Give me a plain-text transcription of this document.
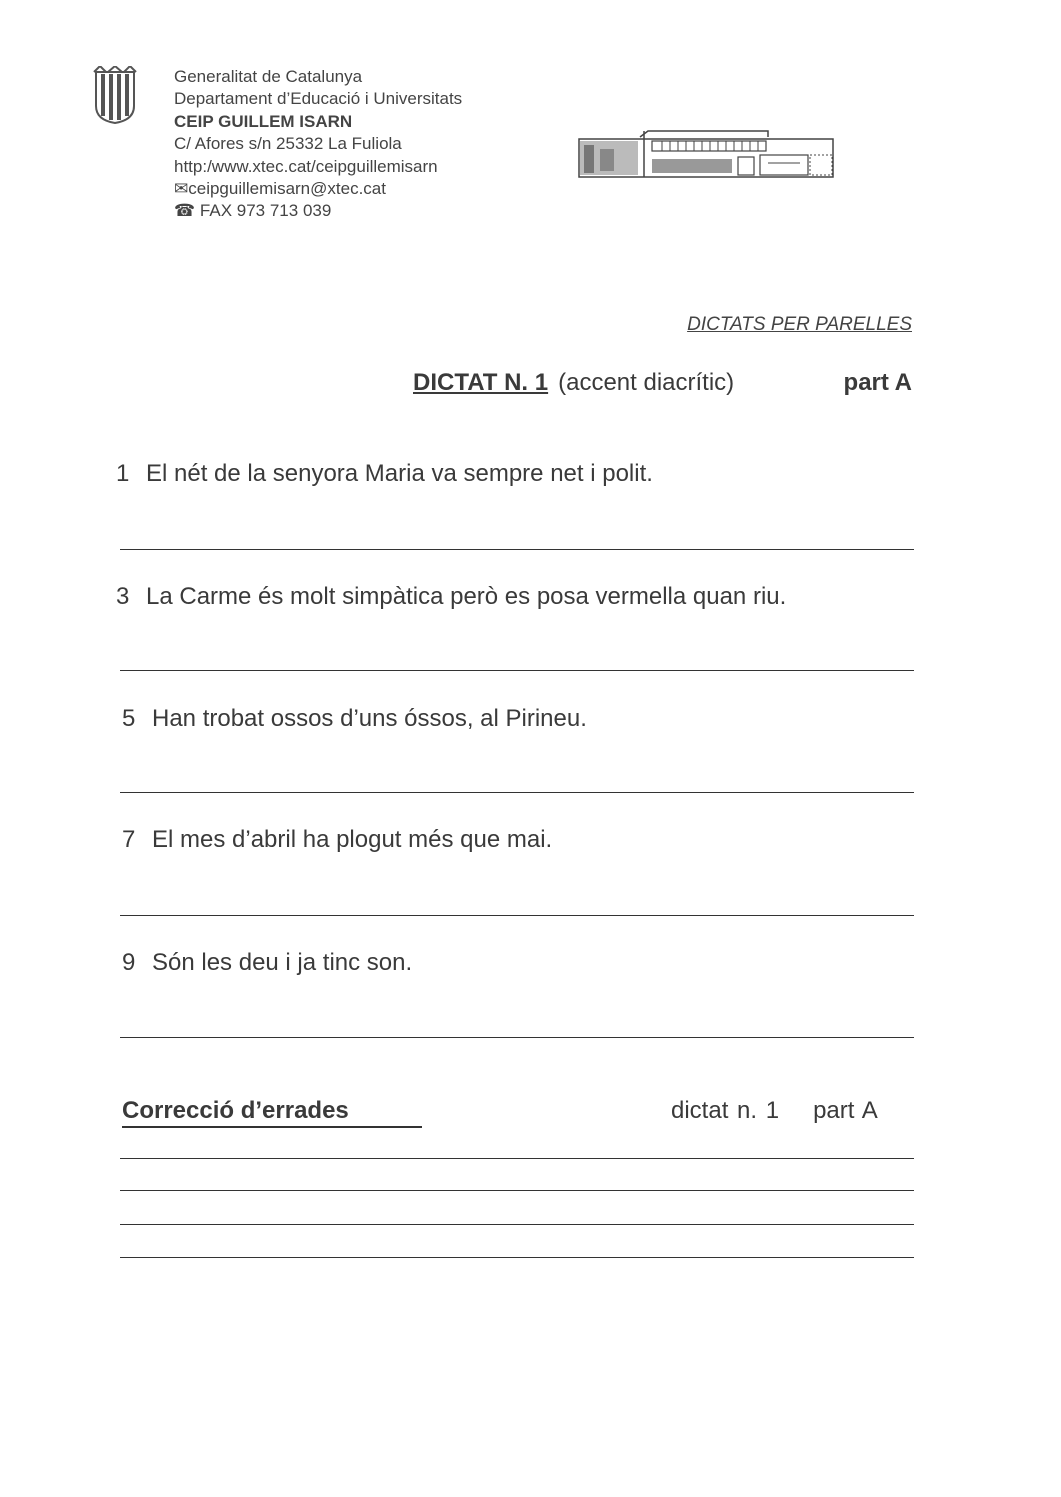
Generalitat de Catalunya
Departament d’Educació i Universitats
CEIP GUILLEM ISARN
C/ Afores s/n 25332 La Fuliola
http:/www.xtec.cat/ceipguillemisarn
✉ceipguillemisarn@xtec.cat
☎ FAX 973 713 039
DICTATS PER PARELLES
DICTAT N. 1 (accent diacrític)	part A
1 El nét de la senyora Maria va sempre net i polit.
3 La Carme és molt simpàtica però es posa vermella quan riu.
5 Han trobat ossos d’uns óssos, al Pirineu.
7 El mes d’abril ha plogut més que mai.
9 Són les deu i ja tinc son.
Correcció d’errades	dictat n. 1 part A
